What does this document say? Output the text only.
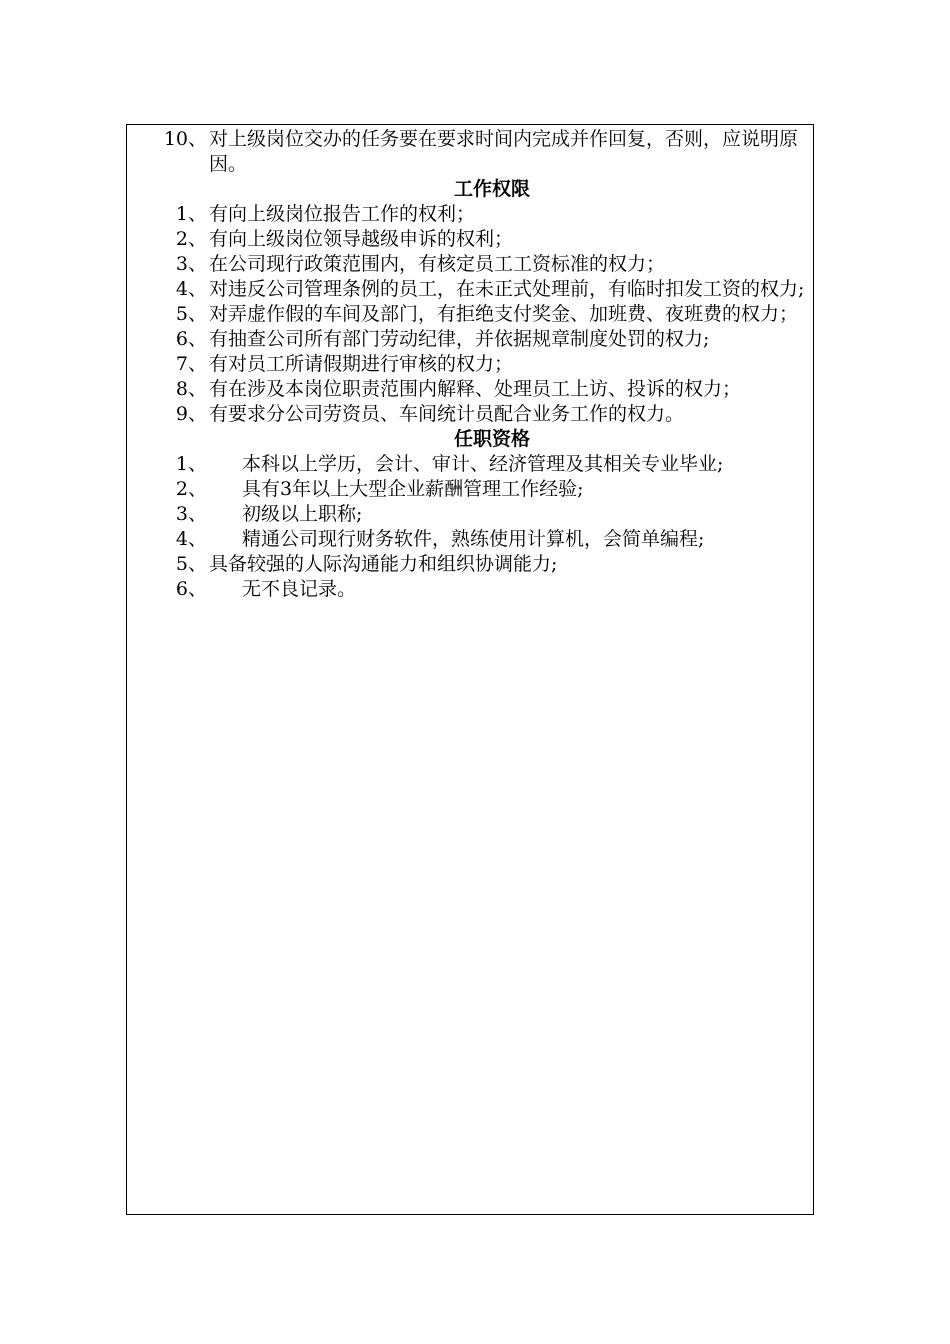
10、 对上级岗位交办的任务要在要求时间内完成并作回复，否则，应说明原因。
工作权限
1、 有向上级岗位报告工作的权利；
2、 有向上级岗位领导越级申诉的权利；
3、 在公司现行政策范围内，有核定员工工资标准的权力；
4、 对违反公司管理条例的员工，在未正式处理前，有临时扣发工资的权力;
5、 对弄虚作假的车间及部门，有拒绝支付奖金、加班费、夜班费的权力；
6、 有抽查公司所有部门劳动纪律，并依据规章制度处罚的权力;
7、 有对员工所请假期进行审核的权力；
8、 有在涉及本岗位职责范围内解释、处理员工上访、投诉的权力；
9、 有要求分公司劳资员、车间统计员配合业务工作的权力。
任职资格
1、	本科以上学历，会计、审计、经济管理及其相关专业毕业;
2、	具有3年以上大型企业薪酬管理工作经验;
3、	初级以上职称;
4、	精通公司现行财务软件，熟练使用计算机，会简单编程;
5、 具备较强的人际沟通能力和组织协调能力;
6、	无不良记录。
